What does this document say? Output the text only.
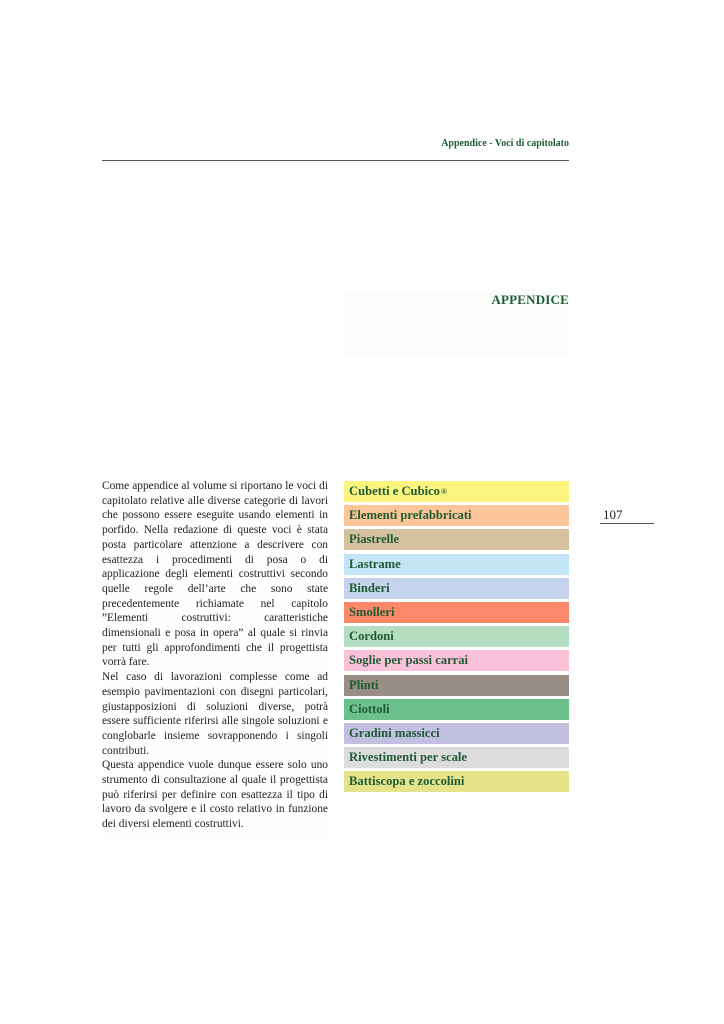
Appendice - Voci di capitolato
APPENDICE

Come appendice al volume si riportano le voci di capitolato relative alle diverse categorie di lavori che possono essere eseguite usando elementi in porfido. Nella redazione di queste voci è stata posta particolare attenzione a descrivere con esattezza i procedimenti di posa o di applicazione degli elementi costruttivi secondo quelle regole dell’arte che sono state precedentemente richiamate nel capitolo ”Elementi costruttivi: caratteristiche dimensionali e posa in opera” al quale si rinvia per tutti gli approfondimenti che il progettista vorrà fare.

Nel caso di lavorazioni complesse come ad esempio pavimentazioni con disegni particolari, giustapposizioni di soluzioni diverse, potrà essere sufficiente riferirsi alle singole soluzioni e conglobarle insieme sovrapponendo i singoli contributi.

Questa appendice vuole dunque essere solo uno strumento di consultazione al quale il progettista può riferirsi per definire con esattezza il tipo di lavoro da svolgere e il costo relativo in funzione dei diversi elementi costruttivi.

Cubetti e Cubico ®
Elementi prefabbricati
Piastrelle
Lastrame
Binderi
Smolleri
Cordoni
Soglie per passi carrai
Plinti
Ciottoli
Gradini massicci
Rivestimenti per scale
Battiscopa e zoccolini
107
